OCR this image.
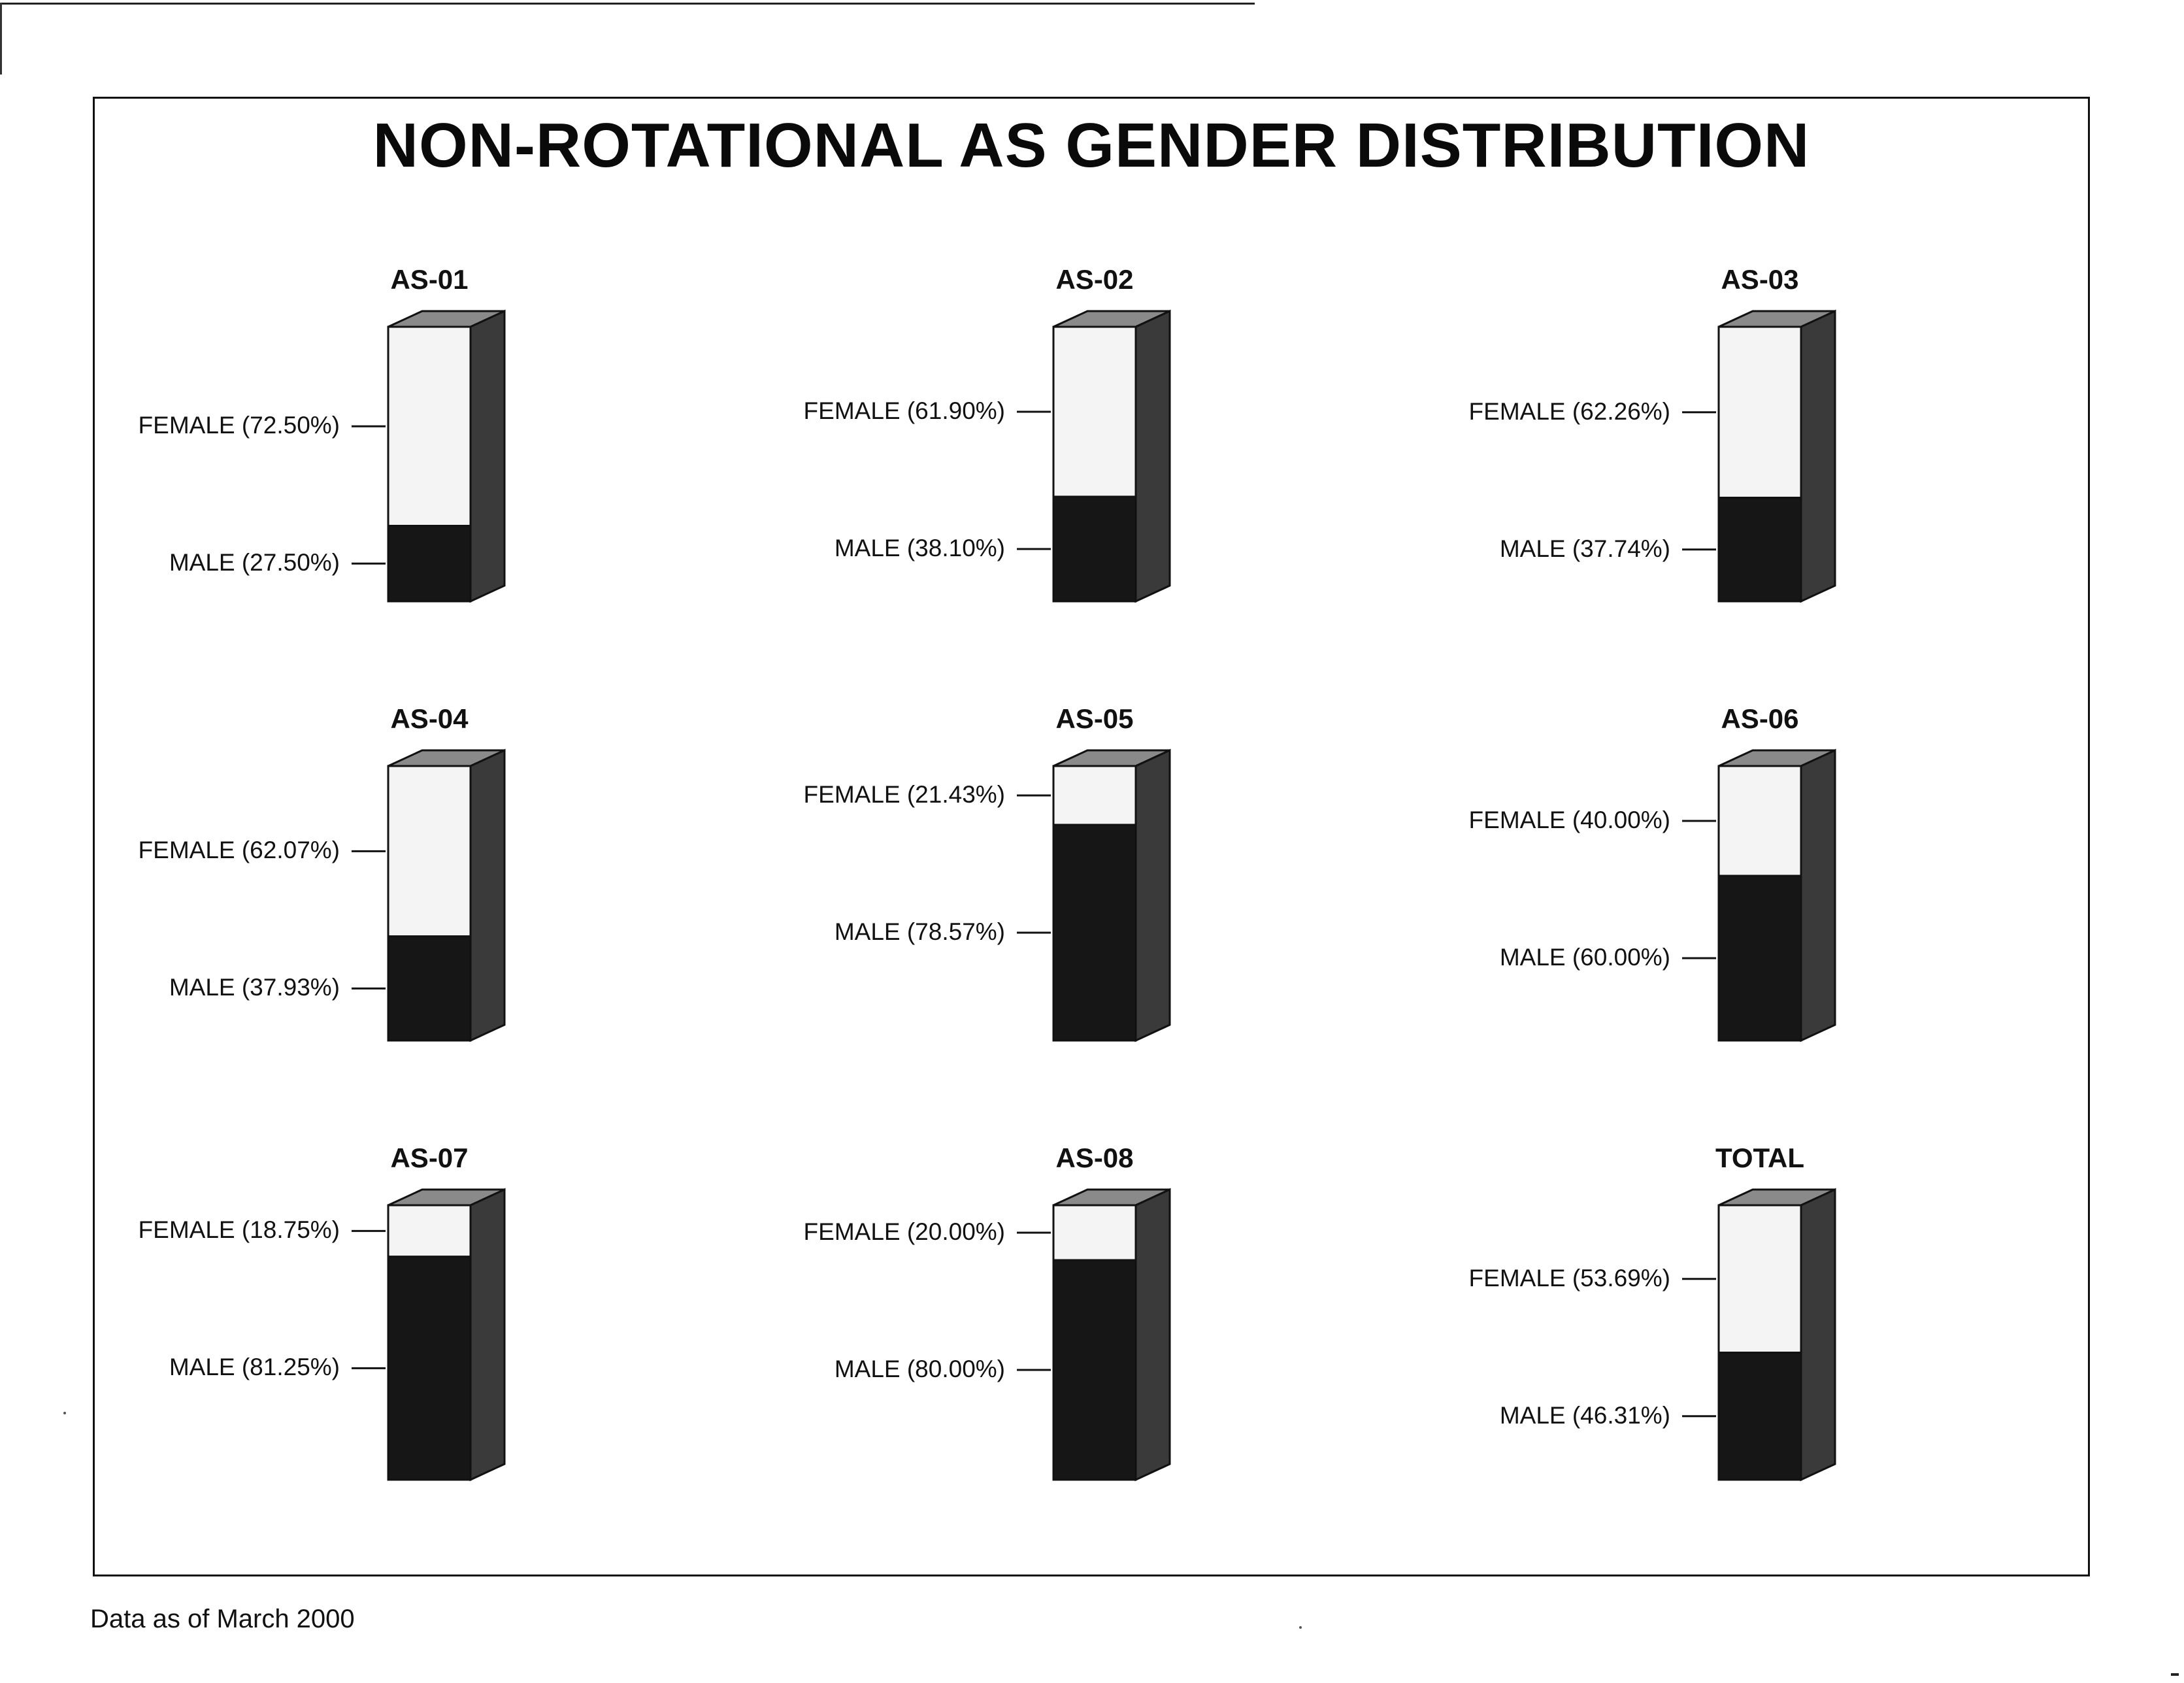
NON-ROTATIONAL AS GENDER DISTRIBUTION
AS-01
FEMALE (72.50%)
MALE (27.50%)
AS-02
FEMALE (61.90%)
MALE (38.10%)
AS-03
FEMALE (62.26%)
MALE (37.74%)
AS-04
FEMALE (62.07%)
MALE (37.93%)
AS-05
FEMALE (21.43%)
MALE (78.57%)
AS-06
FEMALE (40.00%)
MALE (60.00%)
AS-07
FEMALE (18.75%)
MALE (81.25%)
AS-08
FEMALE (20.00%)
MALE (80.00%)
TOTAL
FEMALE (53.69%)
MALE (46.31%)
Data as of March 2000
